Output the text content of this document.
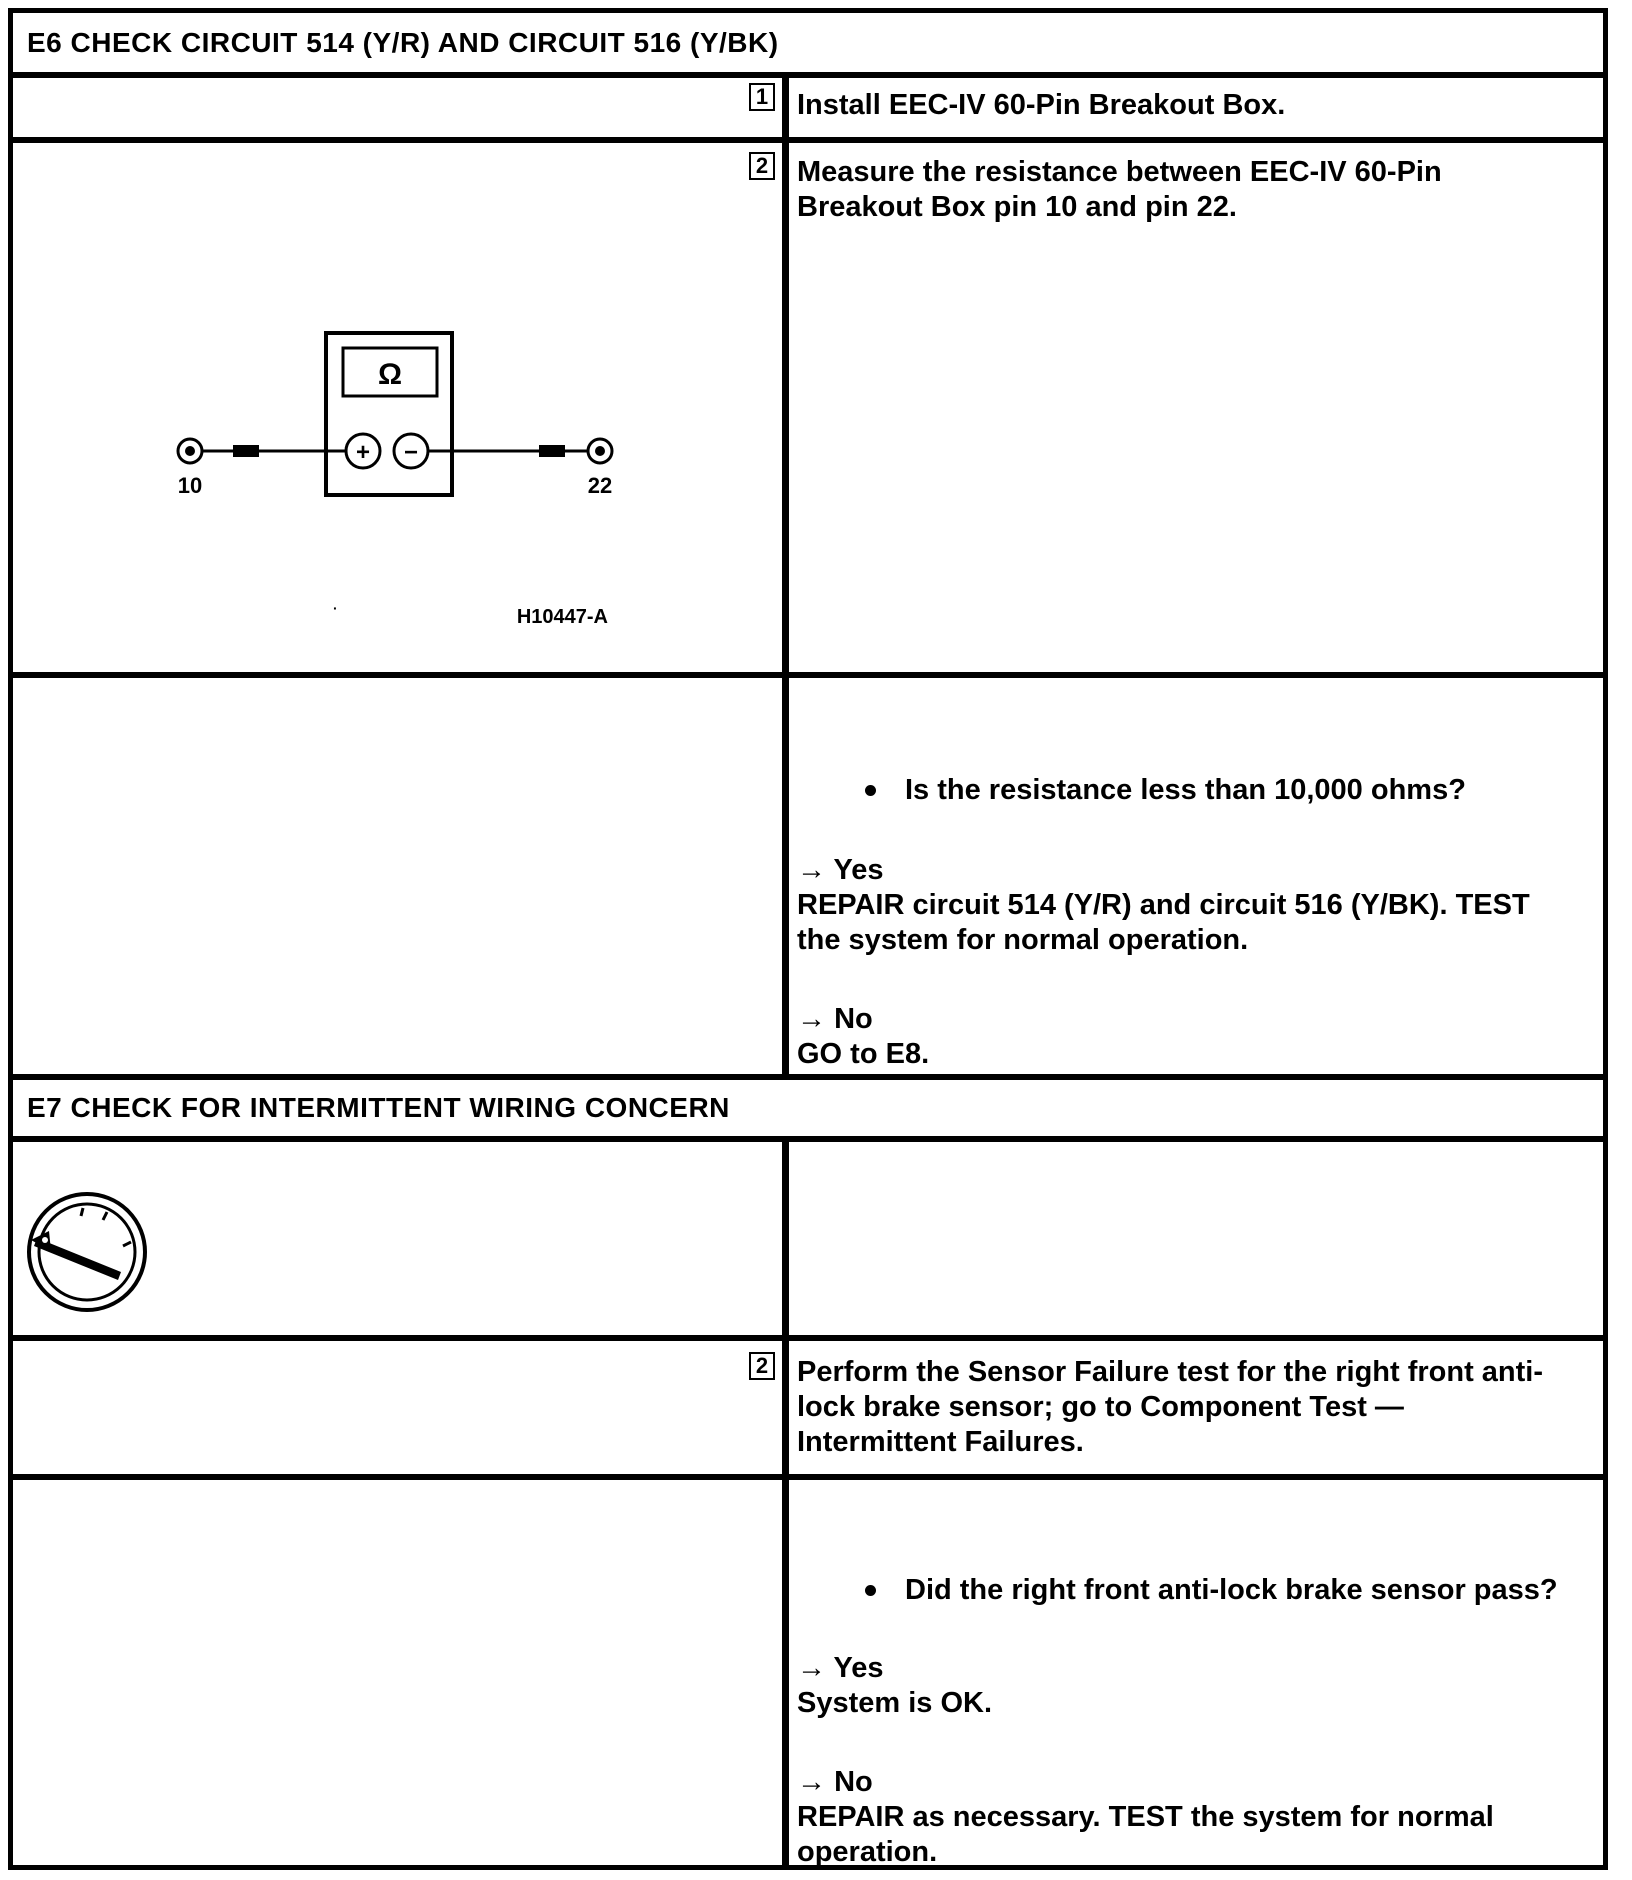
E6 CHECK CIRCUIT 514 (Y/R) AND CIRCUIT 516 (Y/BK)
1 Install EEC-IV 60-Pin Breakout Box.
2 Measure the resistance between EEC-IV 60-Pin
Breakout Box pin 10 and pin 22.
Ω
+ −
10	22
H10447-A
·
Is the resistance less than 10,000 ohms?
→ Yes
REPAIR circuit 514 (Y/R) and circuit 516 (Y/BK). TEST
the system for normal operation.
→ No
GO to E8.
E7 CHECK FOR INTERMITTENT WIRING CONCERN
2 Perform the Sensor Failure test for the right front anti-
lock brake sensor; go to Component Test —
Intermittent Failures.
Did the right front anti-lock brake sensor pass?
→ Yes
System is OK.
→ No
REPAIR as necessary. TEST the system for normal
operation.
